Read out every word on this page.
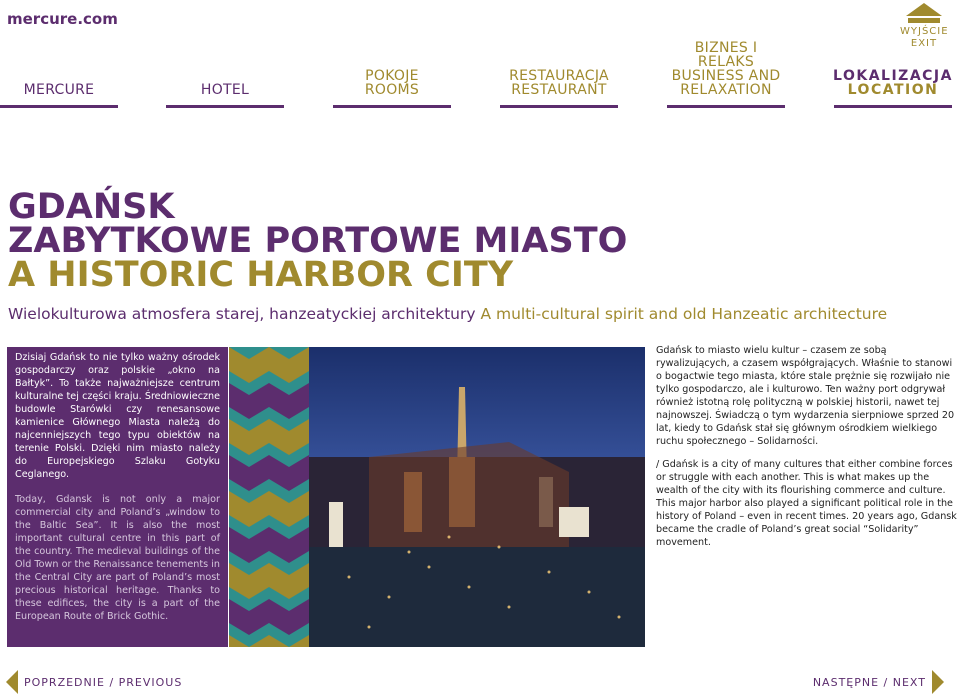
mercure.com
WYJŚCIE
EXIT
MERCURE	HOTEL
POKOJE
ROOMS
RESTAURACJA
RESTAURANT
BIZNES I RELAKS
BUSINESS AND RELAXATION
LOKALIZACJA
LOCATION
GDAŃSK
ZABYTKOWE PORTOWE MIASTO
A HISTORIC HARBOR CITY
Wielokulturowa atmosfera starej, hanzeatyckiej architektury A multi-cultural spirit and old Hanzeatic architecture

Dzisiaj Gdańsk to nie tylko ważny ośrodek gospodarczy oraz polskie „okno na Bałtyk”. To także najważniejsze centrum kulturalne tej części kraju. Średniowieczne budowle Starówki czy renesansowe kamienice Głównego Miasta należą do najcenniejszych tego typu obiektów na terenie Polski. Dzięki nim miasto należy do Europejskiego Szlaku Gotyku Ceglanego.

Today, Gdansk is not only a major commercial city and Poland’s „window to the Baltic Sea”. It is also the most important cultural centre in this part of the country. The medieval buildings of the Old Town or the Renaissance tenements in the Central City are part of Poland’s most precious historical heritage. Thanks to these edifices, the city is a part of the European Route of Brick Gothic.

Gdańsk to miasto wielu kultur – czasem ze sobą rywalizujących, a czasem współgrających. Właśnie to stanowi o bogactwie tego miasta, które stale prężnie się rozwijało nie tylko gospodarczo, ale i kulturowo. Ten ważny port odgrywał również istotną rolę polityczną w polskiej historii, nawet tej najnowszej. Świadczą o tym wydarzenia sierpniowe sprzed 20 lat, kiedy to Gdańsk stał się głównym ośrodkiem wielkiego ruchu społecznego – Solidarności.

/ Gdańsk is a city of many cultures that either combine forces or struggle with each another. This is what makes up the wealth of the city with its flourishing commerce and culture. This major harbor also played a significant political role in the history of Poland – even in recent times. 20 years ago, Gdansk became the cradle of Poland’s great social “Solidarity” movement.

POPRZEDNIE / PREVIOUS	NASTĘPNE / NEXT
